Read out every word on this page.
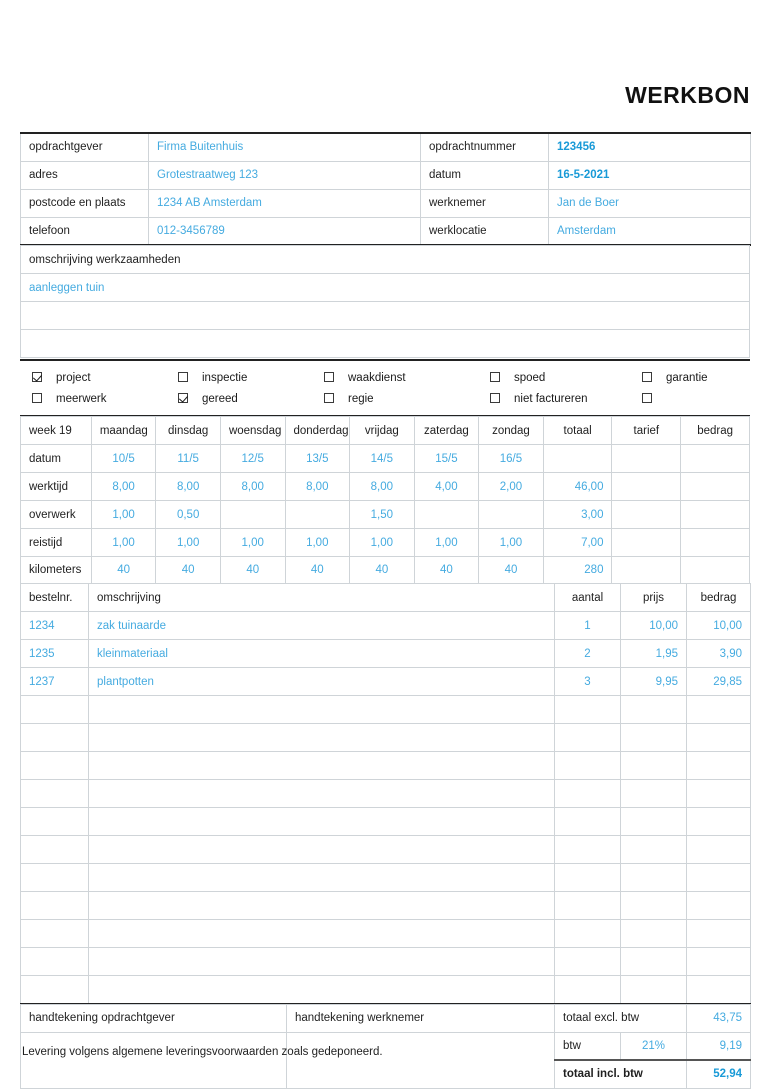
WERKBON
opdrachtgever	Firma Buitenhuis	opdrachtnummer	123456
adres	Grotestraatweg 123	datum	16-5-2021
postcode en plaats	1234 AB Amsterdam	werknemer	Jan de Boer
telefoon	012-3456789	werklocatie	Amsterdam
omschrijving werkzaamheden
aanleggen tuin

	project		inspectie		waakdienst		spoed		garantie
	meerwerk		gereed		regie		niet factureren		
week 19	maandag	dinsdag	woensdag	donderdag	vrijdag	zaterdag	zondag	totaal	tarief	bedrag
datum	10/5	11/5	12/5	13/5	14/5	15/5	16/5			
werktijd	8,00	8,00	8,00	8,00	8,00	4,00	2,00	46,00		
overwerk	1,00	0,50			1,50			3,00		
reistijd	1,00	1,00	1,00	1,00	1,00	1,00	1,00	7,00		
kilometers	40	40	40	40	40	40	40	280		
bestelnr.	omschrijving	aantal	prijs	bedrag
1234	zak tuinaarde	1	10,00	10,00
1235	kleinmateriaal	2	1,95	3,90
1237	plantpotten	3	9,95	29,85

handtekening opdrachtgever	handtekening werknemer	totaal excl. btw		43,75
		btw	21%	9,19
		totaal incl. btw		52,94
Levering volgens algemene leveringsvoorwaarden zoals gedeponeerd.
